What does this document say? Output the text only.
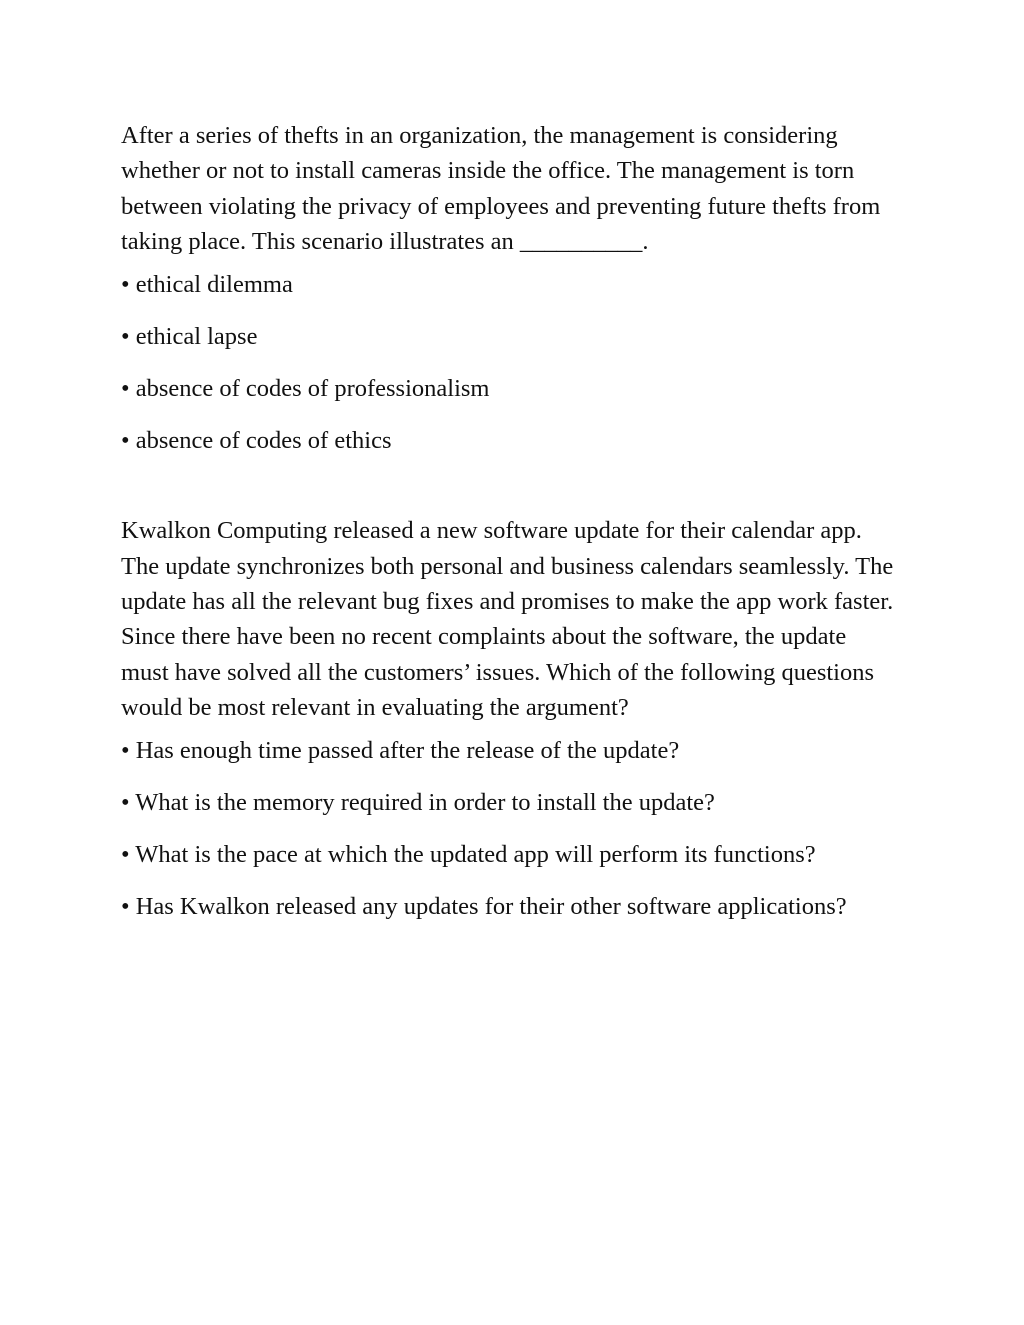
After a series of thefts in an organization, the management is considering whether or not to install cameras inside the office. The management is torn between violating the privacy of employees and preventing future thefts from taking place. This scenario illustrates an __________.

• ethical dilemma
• ethical lapse
• absence of codes of professionalism
• absence of codes of ethics

Kwalkon Computing released a new software update for their calendar app. The update synchronizes both personal and business calendars seamlessly. The update has all the relevant bug fixes and promises to make the app work faster. Since there have been no recent complaints about the software, the update must have solved all the customers’ issues. Which of the following questions would be most relevant in evaluating the argument?

• Has enough time passed after the release of the update?
• What is the memory required in order to install the update?
• What is the pace at which the updated app will perform its functions?
• Has Kwalkon released any updates for their other software applications?
